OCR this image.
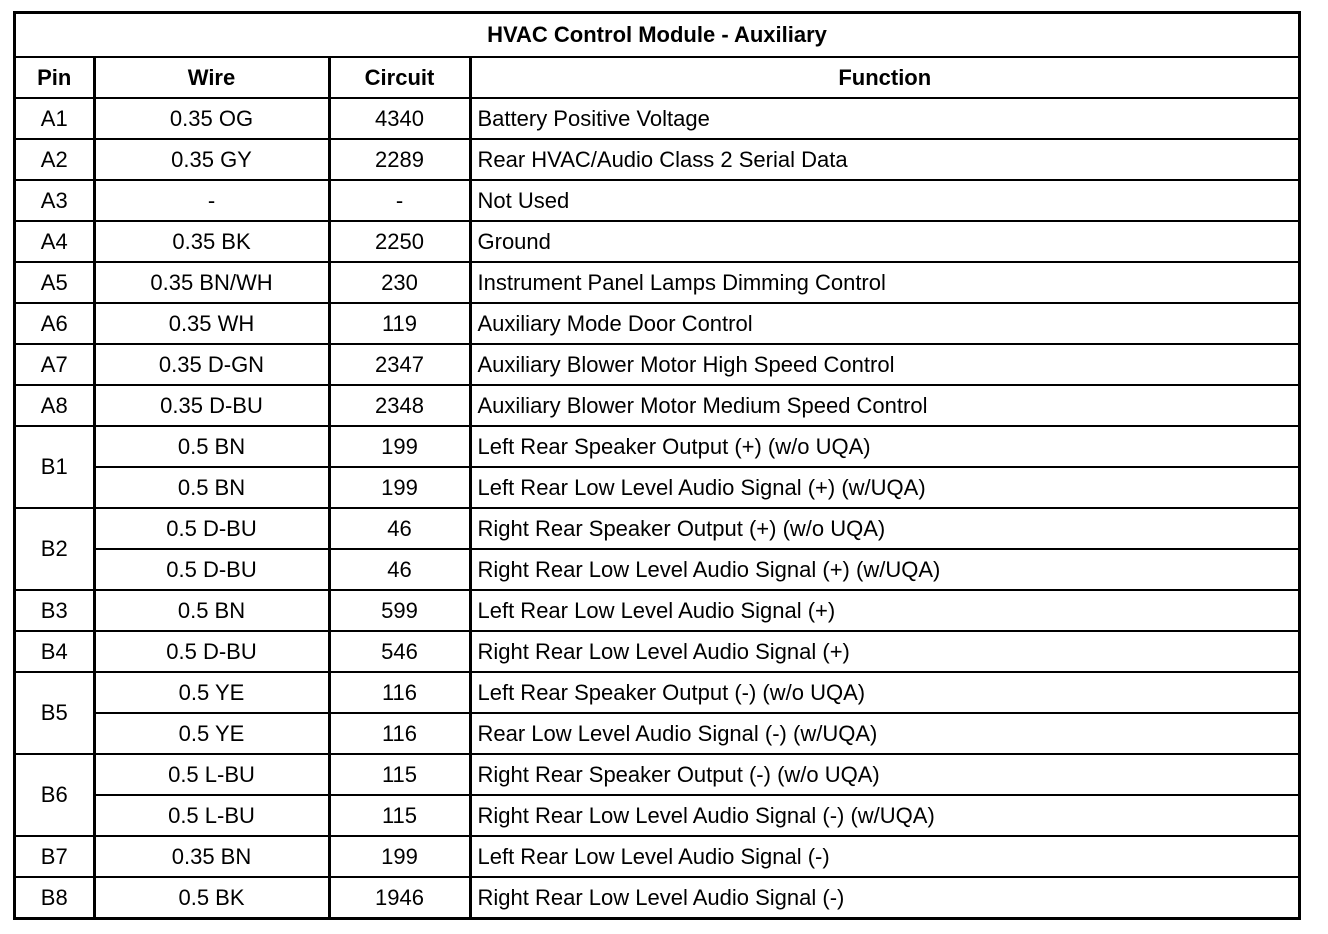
HVAC Control Module - Auxiliary			
Pin	Wire	Circuit	Function
A1	0.35 OG	4340	Battery Positive Voltage
A2	0.35 GY	2289	Rear HVAC/Audio Class 2 Serial Data
A3	-	-	Not Used
A4	0.35 BK	2250	Ground
A5	0.35 BN/WH	230	Instrument Panel Lamps Dimming Control
A6	0.35 WH	119	Auxiliary Mode Door Control
A7	0.35 D-GN	2347	Auxiliary Blower Motor High Speed Control
A8	0.35 D-BU	2348	Auxiliary Blower Motor Medium Speed Control
B1	0.5 BN	199	Left Rear Speaker Output (+) (w/o UQA)
	0.5 BN	199	Left Rear Low Level Audio Signal (+) (w/UQA)
B2	0.5 D-BU	46	Right Rear Speaker Output (+) (w/o UQA)
	0.5 D-BU	46	Right Rear Low Level Audio Signal (+) (w/UQA)
B3	0.5 BN	599	Left Rear Low Level Audio Signal (+)
B4	0.5 D-BU	546	Right Rear Low Level Audio Signal (+)
B5	0.5 YE	116	Left Rear Speaker Output (-) (w/o UQA)
	0.5 YE	116	Rear Low Level Audio Signal (-) (w/UQA)
B6	0.5 L-BU	115	Right Rear Speaker Output (-) (w/o UQA)
	0.5 L-BU	115	Right Rear Low Level Audio Signal (-) (w/UQA)
B7	0.35 BN	199	Left Rear Low Level Audio Signal (-)
B8	0.5 BK	1946	Right Rear Low Level Audio Signal (-)
